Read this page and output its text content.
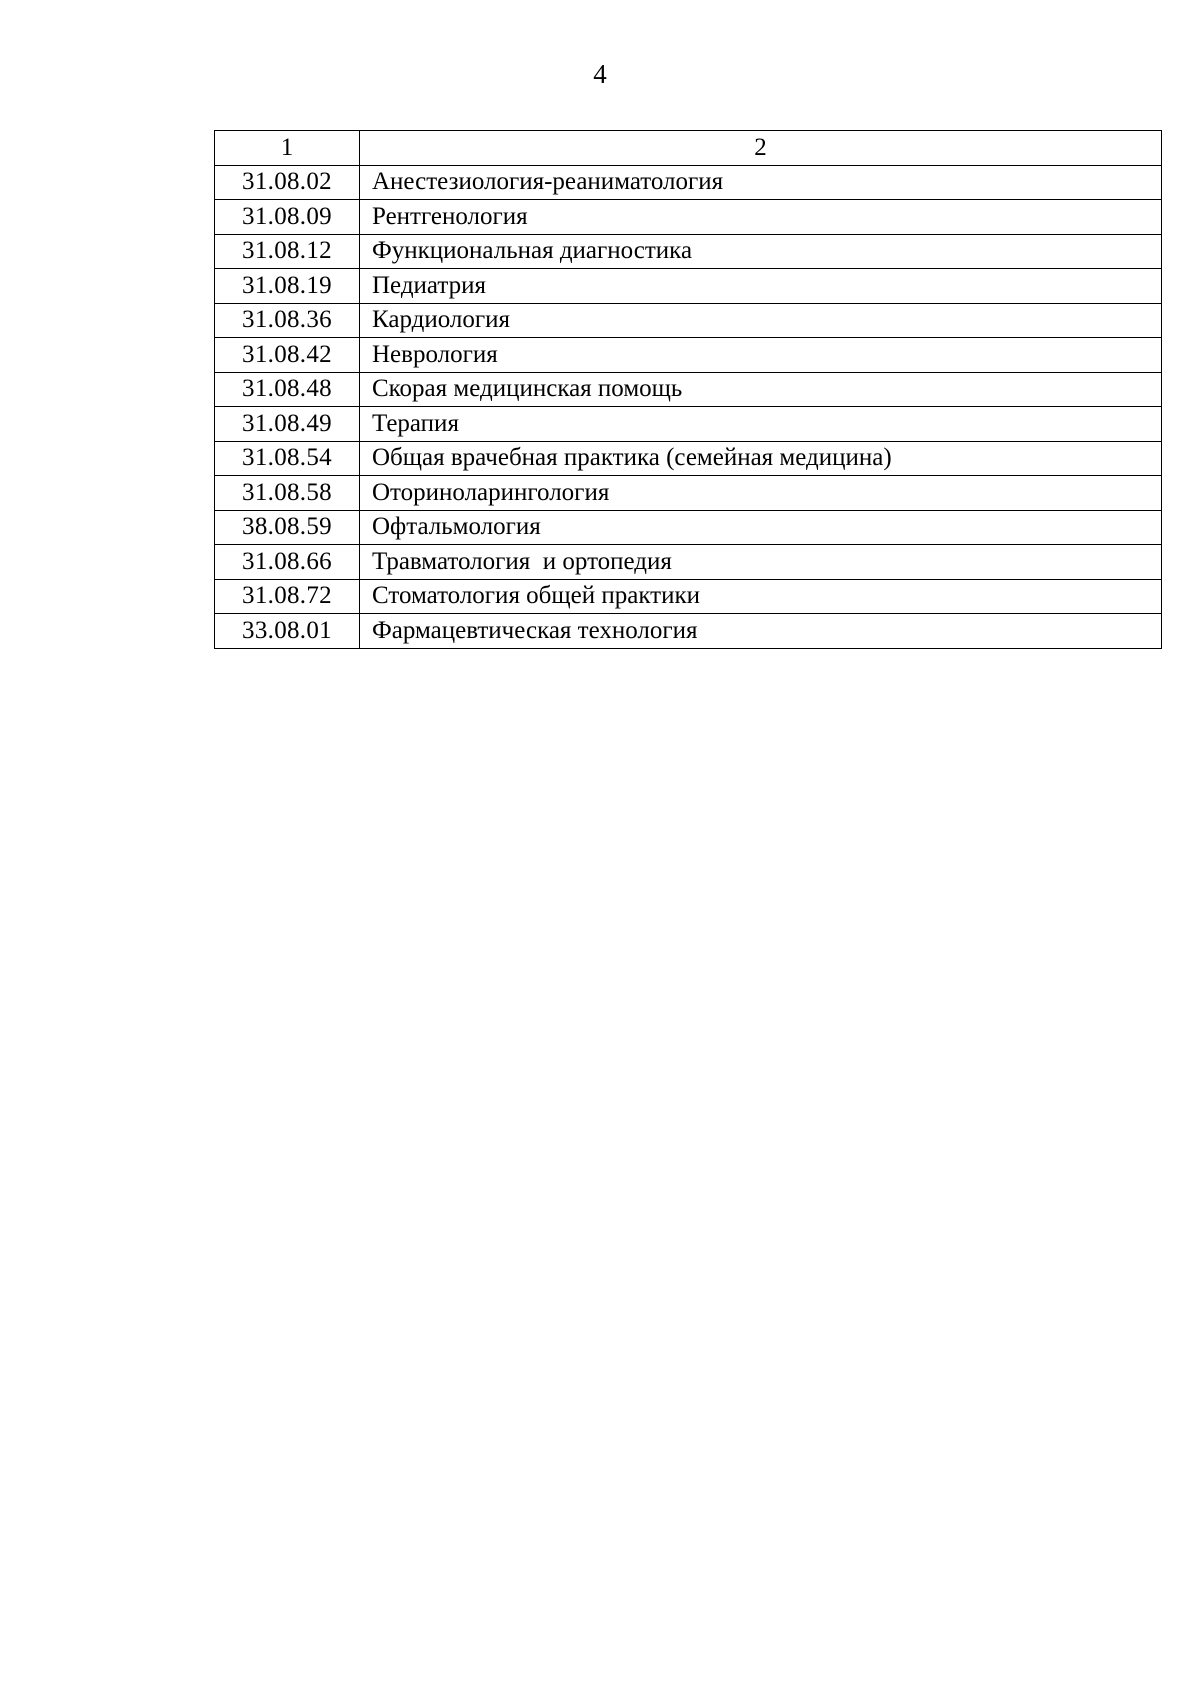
4
1	2
31.08.02	Анестезиология-реаниматология
31.08.09	Рентгенология
31.08.12	Функциональная диагностика
31.08.19	Педиатрия
31.08.36	Кардиология
31.08.42	Неврология
31.08.48	Скорая медицинская помощь
31.08.49	Терапия
31.08.54	Общая врачебная практика (семейная медицина)
31.08.58	Оториноларингология
38.08.59	Офтальмология
31.08.66	Травматология  и ортопедия
31.08.72	Стоматология общей практики
33.08.01	Фармацевтическая технология
